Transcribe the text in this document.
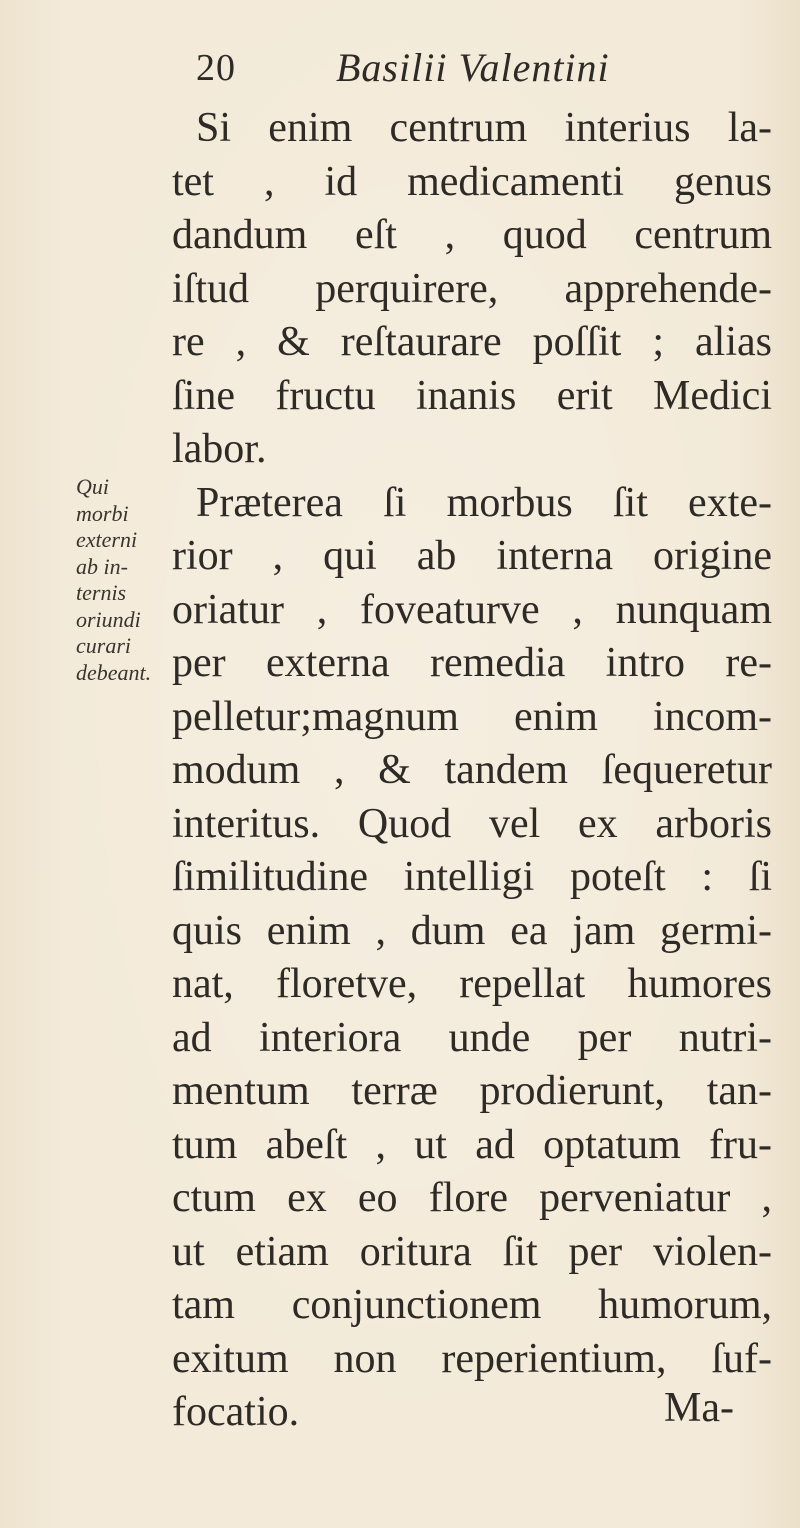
20	Basilii Valentini
Si enim centrum interius la-
tet , id medicamenti genus
dandum eſt , quod centrum
iſtud perquirere, apprehende-
re , & reſtaurare poſſit ; alias
ſine fructu inanis erit Medici
labor.
Præterea ſi morbus ſit exte-
rior , qui ab interna origine
oriatur , foveaturve , nunquam
per externa remedia intro re-
pelletur;magnum enim incom-
modum , & tandem ſequeretur
interitus. Quod vel ex arboris
ſimilitudine intelligi poteſt : ſi
quis enim , dum ea jam germi-
nat, floretve, repellat humores
ad interiora unde per nutri-
mentum terræ prodierunt, tan-
tum abeſt , ut ad optatum fru-
ctum ex eo flore perveniatur ,
ut etiam oritura ſit per violen-
tam conjunctionem humorum,
exitum non reperientium, ſuf-
focatio.
Qui
morbi
externi
ab in-
ternis
oriundi
curari
debeant.
Ma-
